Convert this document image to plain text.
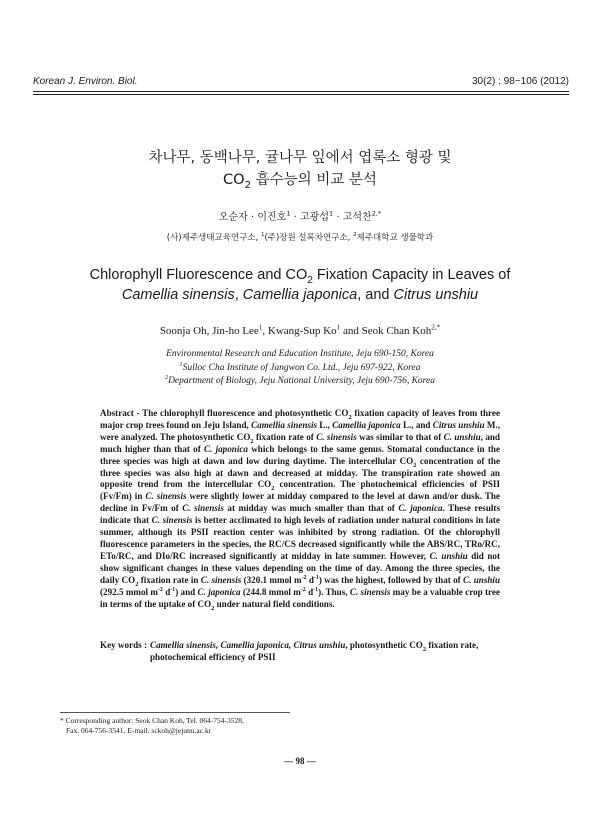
Korean J. Environ. Biol.	30(2) : 98~106 (2012)
차나무, 동백나무, 귤나무 잎에서 엽록소 형광 및
$CO_2$ 흡수능의 비교 분석
오순자 · 이진호$^1$ · 고광섭$^1$ · 고석찬$^{2,*}$
(사)제주생태교육연구소, $^1$(주)장원 설록차연구소, $^2$제주대학교 생물학과
Chlorophyll Fluorescence and $CO_2$ Fixation Capacity in Leaves of
Camellia sinensis, Camellia japonica, and Citrus unshiu
Soonja Oh, Jin-ho Lee$^1$, Kwang-Sup Ko$^1$ and Seok Chan Koh$^{2,*}$
Environmental Research and Education Institute, Jeju 690-150, Korea
$^1$Sulloc Cha Institute of Jangwon Co. Ltd., Jeju 697-922, Korea
$^2$Department of Biology, Jeju National University, Jeju 690-756, Korea
Abstract - The chlorophyll fluorescence and photosynthetic $CO_2$ fixation capacity of leaves from three major crop trees found on Jeju Island, Camellia sinensis L., Camellia japonica L., and Citrus unshiu M., were analyzed. The photosynthetic $CO_2$ fixation rate of C. sinensis was similar to that of C. unshiu, and much higher than that of C. japonica which belongs to the same genus. Stomatal conductance in the three species was high at dawn and low during daytime. The intercellular $CO_2$ concentration of the three species was also high at dawn and decreased at midday. The transpiration rate showed an opposite trend from the intercellular $CO_2$ concentration. The photochemical efficiencies of PSII (Fv/Fm) in C. sinensis were slightly lower at midday compared to the level at dawn and/or dusk. The decline in Fv/Fm of C. sinensis at midday was much smaller than that of C. japonica. These results indicate that C. sinensis is better acclimated to high levels of radiation under natural conditions in late summer, although its PSII reaction center was inhibited by strong radiation. Of the chlorophyll fluorescence parameters in the species, the RC/CS decreased significantly while the ABS/RC, TRo/RC, ETo/RC, and DIo/RC increased significantly at midday in late summer. However, C. unshiu did not show significant changes in these values depending on the time of day. Among the three species, the daily $CO_2$ fixation rate in C. sinensis (320.1 mmol $m^{-2}$ $d^{-1}$) was the highest, followed by that of C. unshiu (292.5 mmol $m^{-2}$ $d^{-1}$) and C. japonica (244.8 mmol $m^{-2}$ $d^{-1}$). Thus, C. sinensis may be a valuable crop tree in terms of the uptake of $CO_2$ under natural field conditions.
Key words : Camellia sinensis, Camellia japonica, Citrus unshiu, photosynthetic $CO_2$ fixation rate, photochemical efficiency of PSII
* Corresponding author: Seok Chan Koh, Tel. 064-754-3528,
Fax. 064-756-3541, E-mail. sckoh@jejunu.ac.kr
— 98 —
